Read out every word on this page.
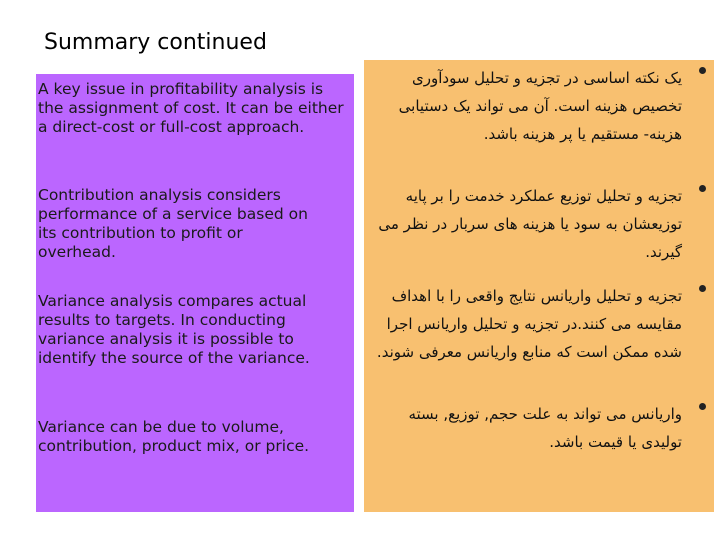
Summary continued

A key issue in profitability analysis is the assignment of cost. It can be either a direct-cost or full-cost approach.

Contribution analysis considers performance of a service based on its contribution to profit or overhead.

Variance analysis compares actual results to targets. In conducting variance analysis it is possible to identify the source of the variance.

Variance can be due to volume, contribution, product mix, or price.

یک نکته اساسی در تجزیه و تحلیل سودآوری تخصیص هزینه است. آن می تواند یک دستیابی هزینه- مستقیم یا پر هزینه باشد.

تجزیه و تحلیل توزیع عملکرد خدمت را بر پایه توزیعشان به سود یا هزینه های سربار در نظر می گیرند.

تجزیه و تحلیل واریانس نتایج واقعی را با اهداف مقایسه می کنند.در تجزیه و تحلیل واریانس اجرا شده ممکن است که منابع واریانس معرفی شوند.

واریانس می تواند به علت حجم, توزیع, بسته تولیدی یا قیمت باشد.
